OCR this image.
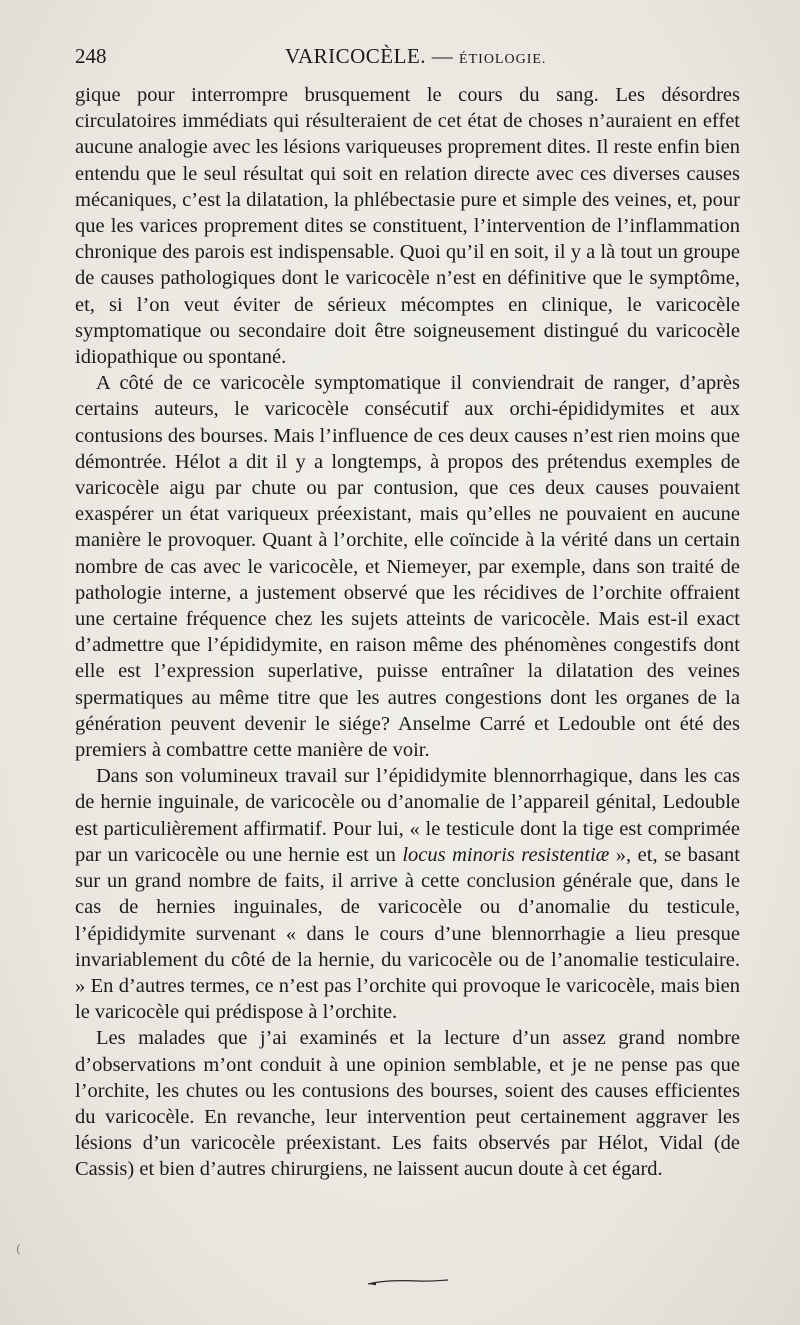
248	VARICOCÈLE. — ÉTIOLOGIE.

gique pour interrompre brusquement le cours du sang. Les désordres circulatoires immédiats qui résulteraient de cet état de choses n’auraient en effet aucune analogie avec les lésions variqueuses proprement dites. Il reste enfin bien entendu que le seul résultat qui soit en relation directe avec ces diverses causes mécaniques, c’est la dilatation, la phlébectasie pure et simple des veines, et, pour que les varices proprement dites se constituent, l’intervention de l’inflammation chronique des parois est indispensable. Quoi qu’il en soit, il y a là tout un groupe de causes pathologiques dont le varicocèle n’est en définitive que le symptôme, et, si l’on veut éviter de sérieux mécomptes en clinique, le varicocèle symptomatique ou secondaire doit être soigneusement distingué du varicocèle idiopathique ou spontané.

A côté de ce varicocèle symptomatique il conviendrait de ranger, d’après certains auteurs, le varicocèle consécutif aux orchi-épididymites et aux contusions des bourses. Mais l’influence de ces deux causes n’est rien moins que démontrée. Hélot a dit il y a longtemps, à propos des prétendus exemples de varicocèle aigu par chute ou par contusion, que ces deux causes pouvaient exaspérer un état variqueux préexistant, mais qu’elles ne pouvaient en aucune manière le provoquer. Quant à l’orchite, elle coïncide à la vérité dans un certain nombre de cas avec le varicocèle, et Niemeyer, par exemple, dans son traité de pathologie interne, a justement observé que les récidives de l’orchite offraient une certaine fréquence chez les sujets atteints de varicocèle. Mais est-il exact d’admettre que l’épididymite, en raison même des phénomènes congestifs dont elle est l’expression superlative, puisse entraîner la dilatation des veines spermatiques au même titre que les autres congestions dont les organes de la génération peuvent devenir le siége? Anselme Carré et Ledouble ont été des premiers à combattre cette manière de voir.

Dans son volumineux travail sur l’épididymite blennorrhagique, dans les cas de hernie inguinale, de varicocèle ou d’anomalie de l’appareil génital, Ledouble est particulièrement affirmatif. Pour lui, « le testicule dont la tige est comprimée par un varicocèle ou une hernie est un locus minoris resistentiæ », et, se basant sur un grand nombre de faits, il arrive à cette conclusion générale que, dans le cas de hernies inguinales, de varicocèle ou d’anomalie du testicule, l’épididymite survenant « dans le cours d’une blennorrhagie a lieu presque invariablement du côté de la hernie, du varicocèle ou de l’anomalie testiculaire. » En d’autres termes, ce n’est pas l’orchite qui provoque le varicocèle, mais bien le varicocèle qui prédispose à l’orchite.

Les malades que j’ai examinés et la lecture d’un assez grand nombre d’observations m’ont conduit à une opinion semblable, et je ne pense pas que l’orchite, les chutes ou les contusions des bourses, soient des causes efficientes du varicocèle. En revanche, leur intervention peut certainement aggraver les lésions d’un varicocèle préexistant. Les faits observés par Hélot, Vidal (de Cassis) et bien d’autres chirurgiens, ne laissent aucun doute à cet égard.

(
